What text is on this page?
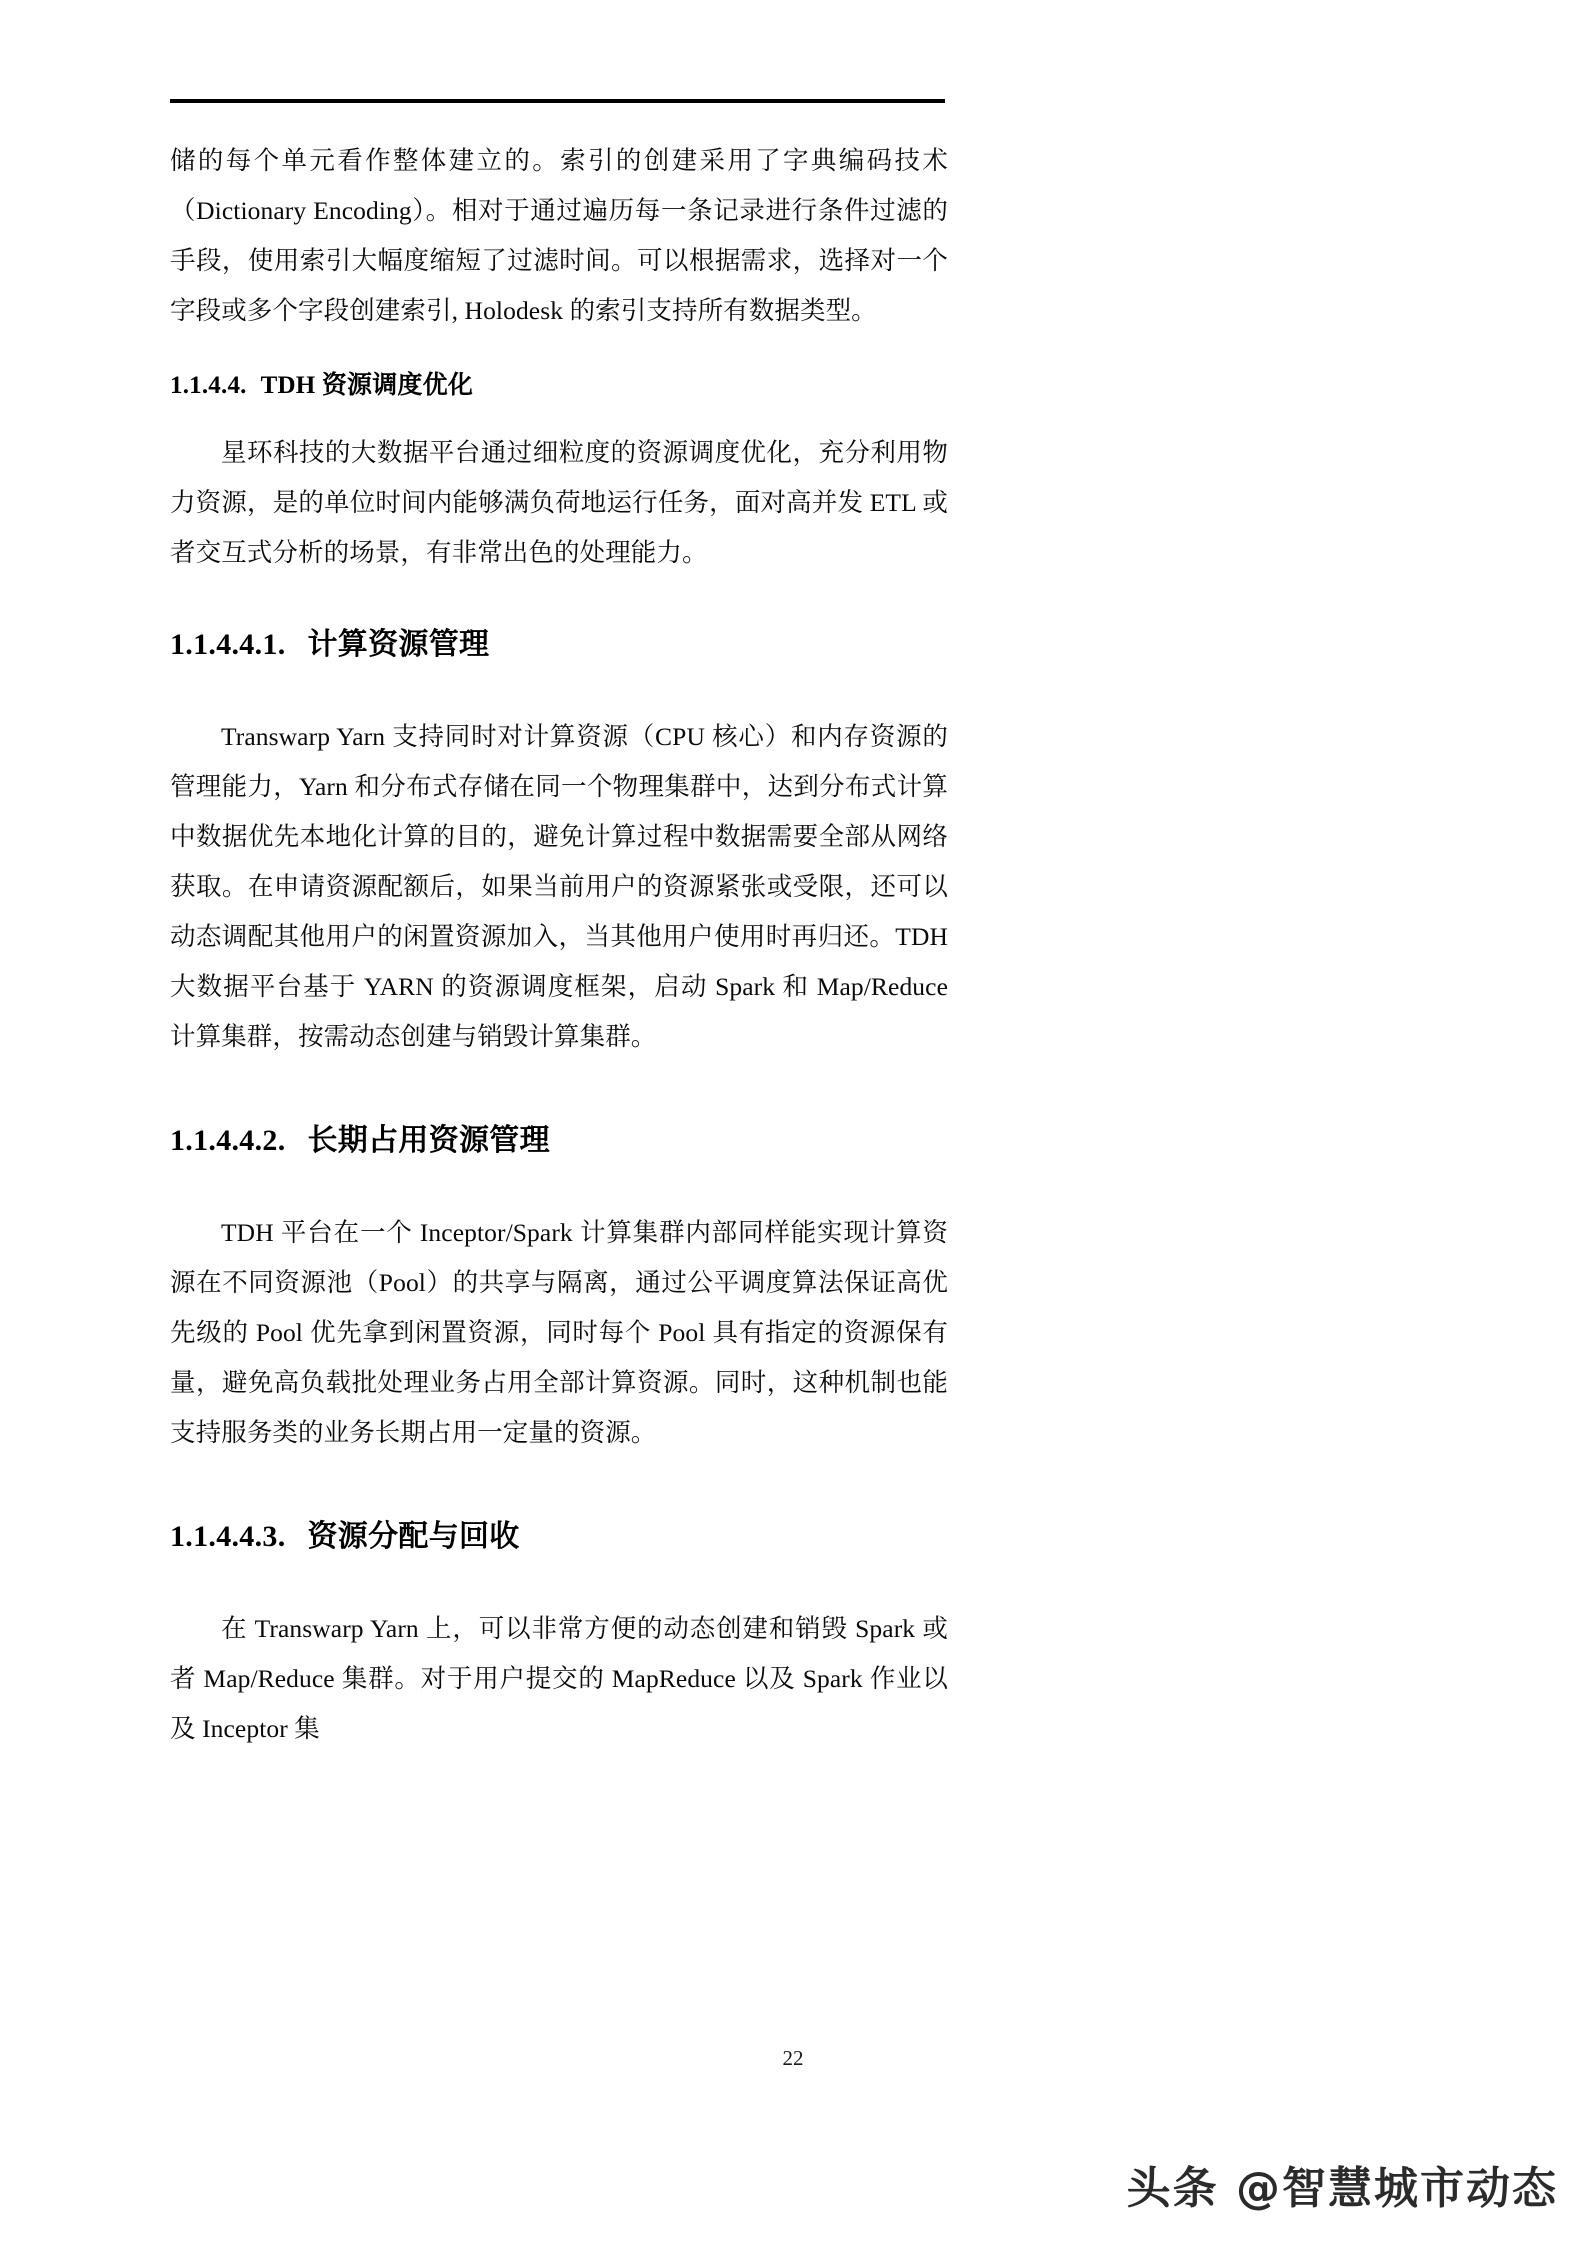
储的每个单元看作整体建立的。索引的创建采用了字典编码技术（Dictionary Encoding）。相对于通过遍历每一条记录进行条件过滤的手段，使用索引大幅度缩短了过滤时间。可以根据需求，选择对一个字段或多个字段创建索引, Holodesk 的索引支持所有数据类型。

1.1.4.4. TDH 资源调度优化

星环科技的大数据平台通过细粒度的资源调度优化，充分利用物力资源，是的单位时间内能够满负荷地运行任务，面对高并发 ETL 或者交互式分析的场景，有非常出色的处理能力。

1.1.4.4.1. 计算资源管理

Transwarp Yarn 支持同时对计算资源（CPU 核心）和内存资源的管理能力，Yarn 和分布式存储在同一个物理集群中，达到分布式计算中数据优先本地化计算的目的，避免计算过程中数据需要全部从网络获取。在申请资源配额后，如果当前用户的资源紧张或受限，还可以动态调配其他用户的闲置资源加入，当其他用户使用时再归还。TDH 大数据平台基于 YARN 的资源调度框架，启动 Spark 和 Map/Reduce 计算集群，按需动态创建与销毁计算集群。

1.1.4.4.2. 长期占用资源管理

TDH 平台在一个 Inceptor/Spark 计算集群内部同样能实现计算资源在不同资源池（Pool）的共享与隔离，通过公平调度算法保证高优先级的 Pool 优先拿到闲置资源，同时每个 Pool 具有指定的资源保有量，避免高负载批处理业务占用全部计算资源。同时，这种机制也能支持服务类的业务长期占用一定量的资源。

1.1.4.4.3. 资源分配与回收

在 Transwarp Yarn 上，可以非常方便的动态创建和销毁 Spark 或者 Map/Reduce 集群。对于用户提交的 MapReduce 以及 Spark 作业以及 Inceptor 集

22
头条 @智慧城市动态
